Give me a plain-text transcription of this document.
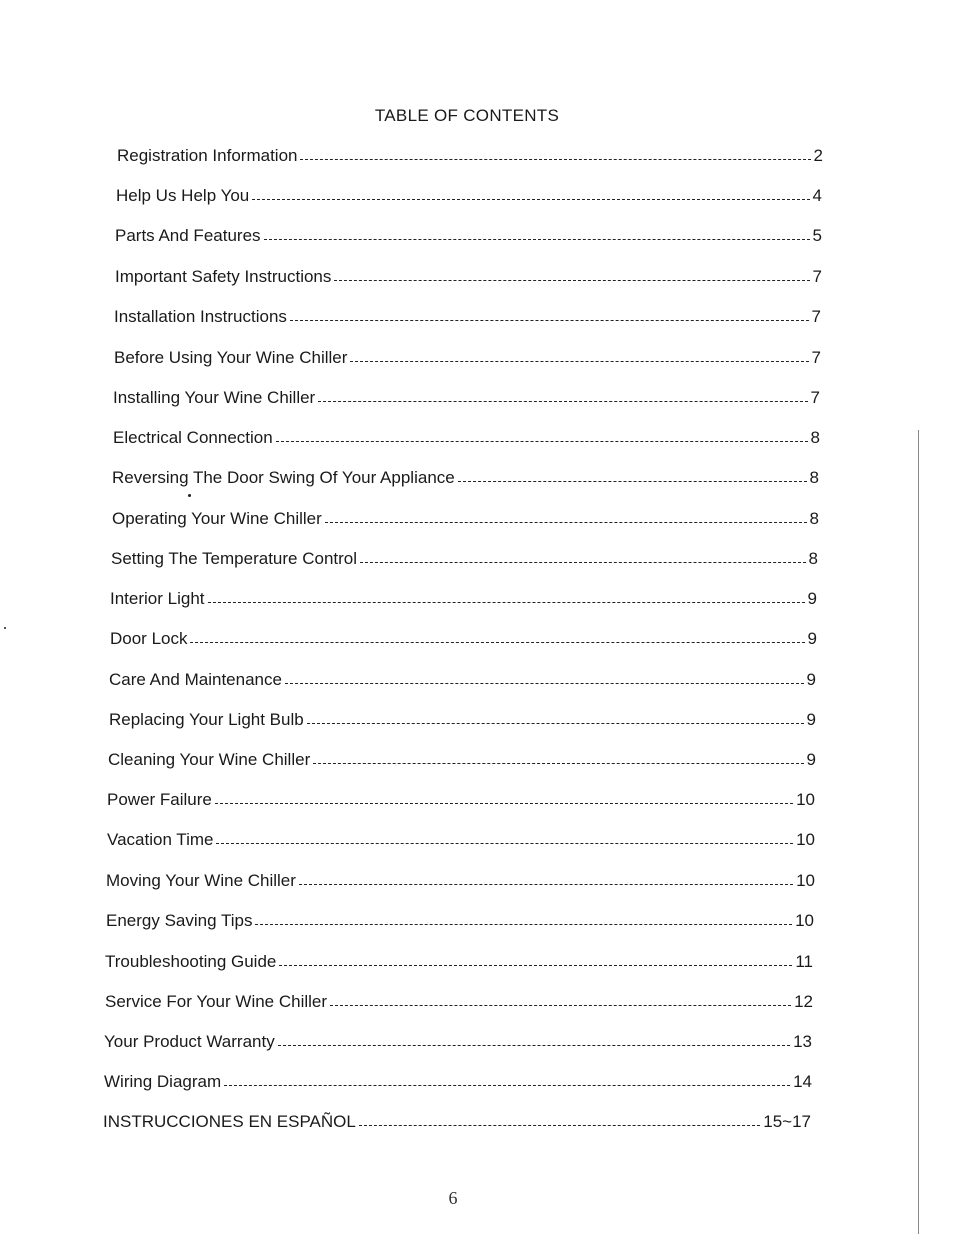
TABLE OF CONTENTS
Registration Information	2
Help Us Help You	4
Parts And Features	5
Important Safety Instructions	7
Installation Instructions	7
Before Using Your Wine Chiller	7
Installing Your Wine Chiller	7
Electrical Connection	8
Reversing The Door Swing Of Your Appliance	8
Operating Your Wine Chiller	8
Setting The Temperature Control	8
Interior Light	9
Door Lock	9
Care And Maintenance	9
Replacing Your Light Bulb	9
Cleaning Your Wine Chiller	9
Power Failure	10
Vacation Time	10
Moving Your Wine Chiller	10
Energy Saving Tips	10
Troubleshooting Guide	11
Service For Your Wine Chiller	12
Your Product Warranty	13
Wiring Diagram	14
INSTRUCCIONES EN ESPAÑOL	15~17
6
